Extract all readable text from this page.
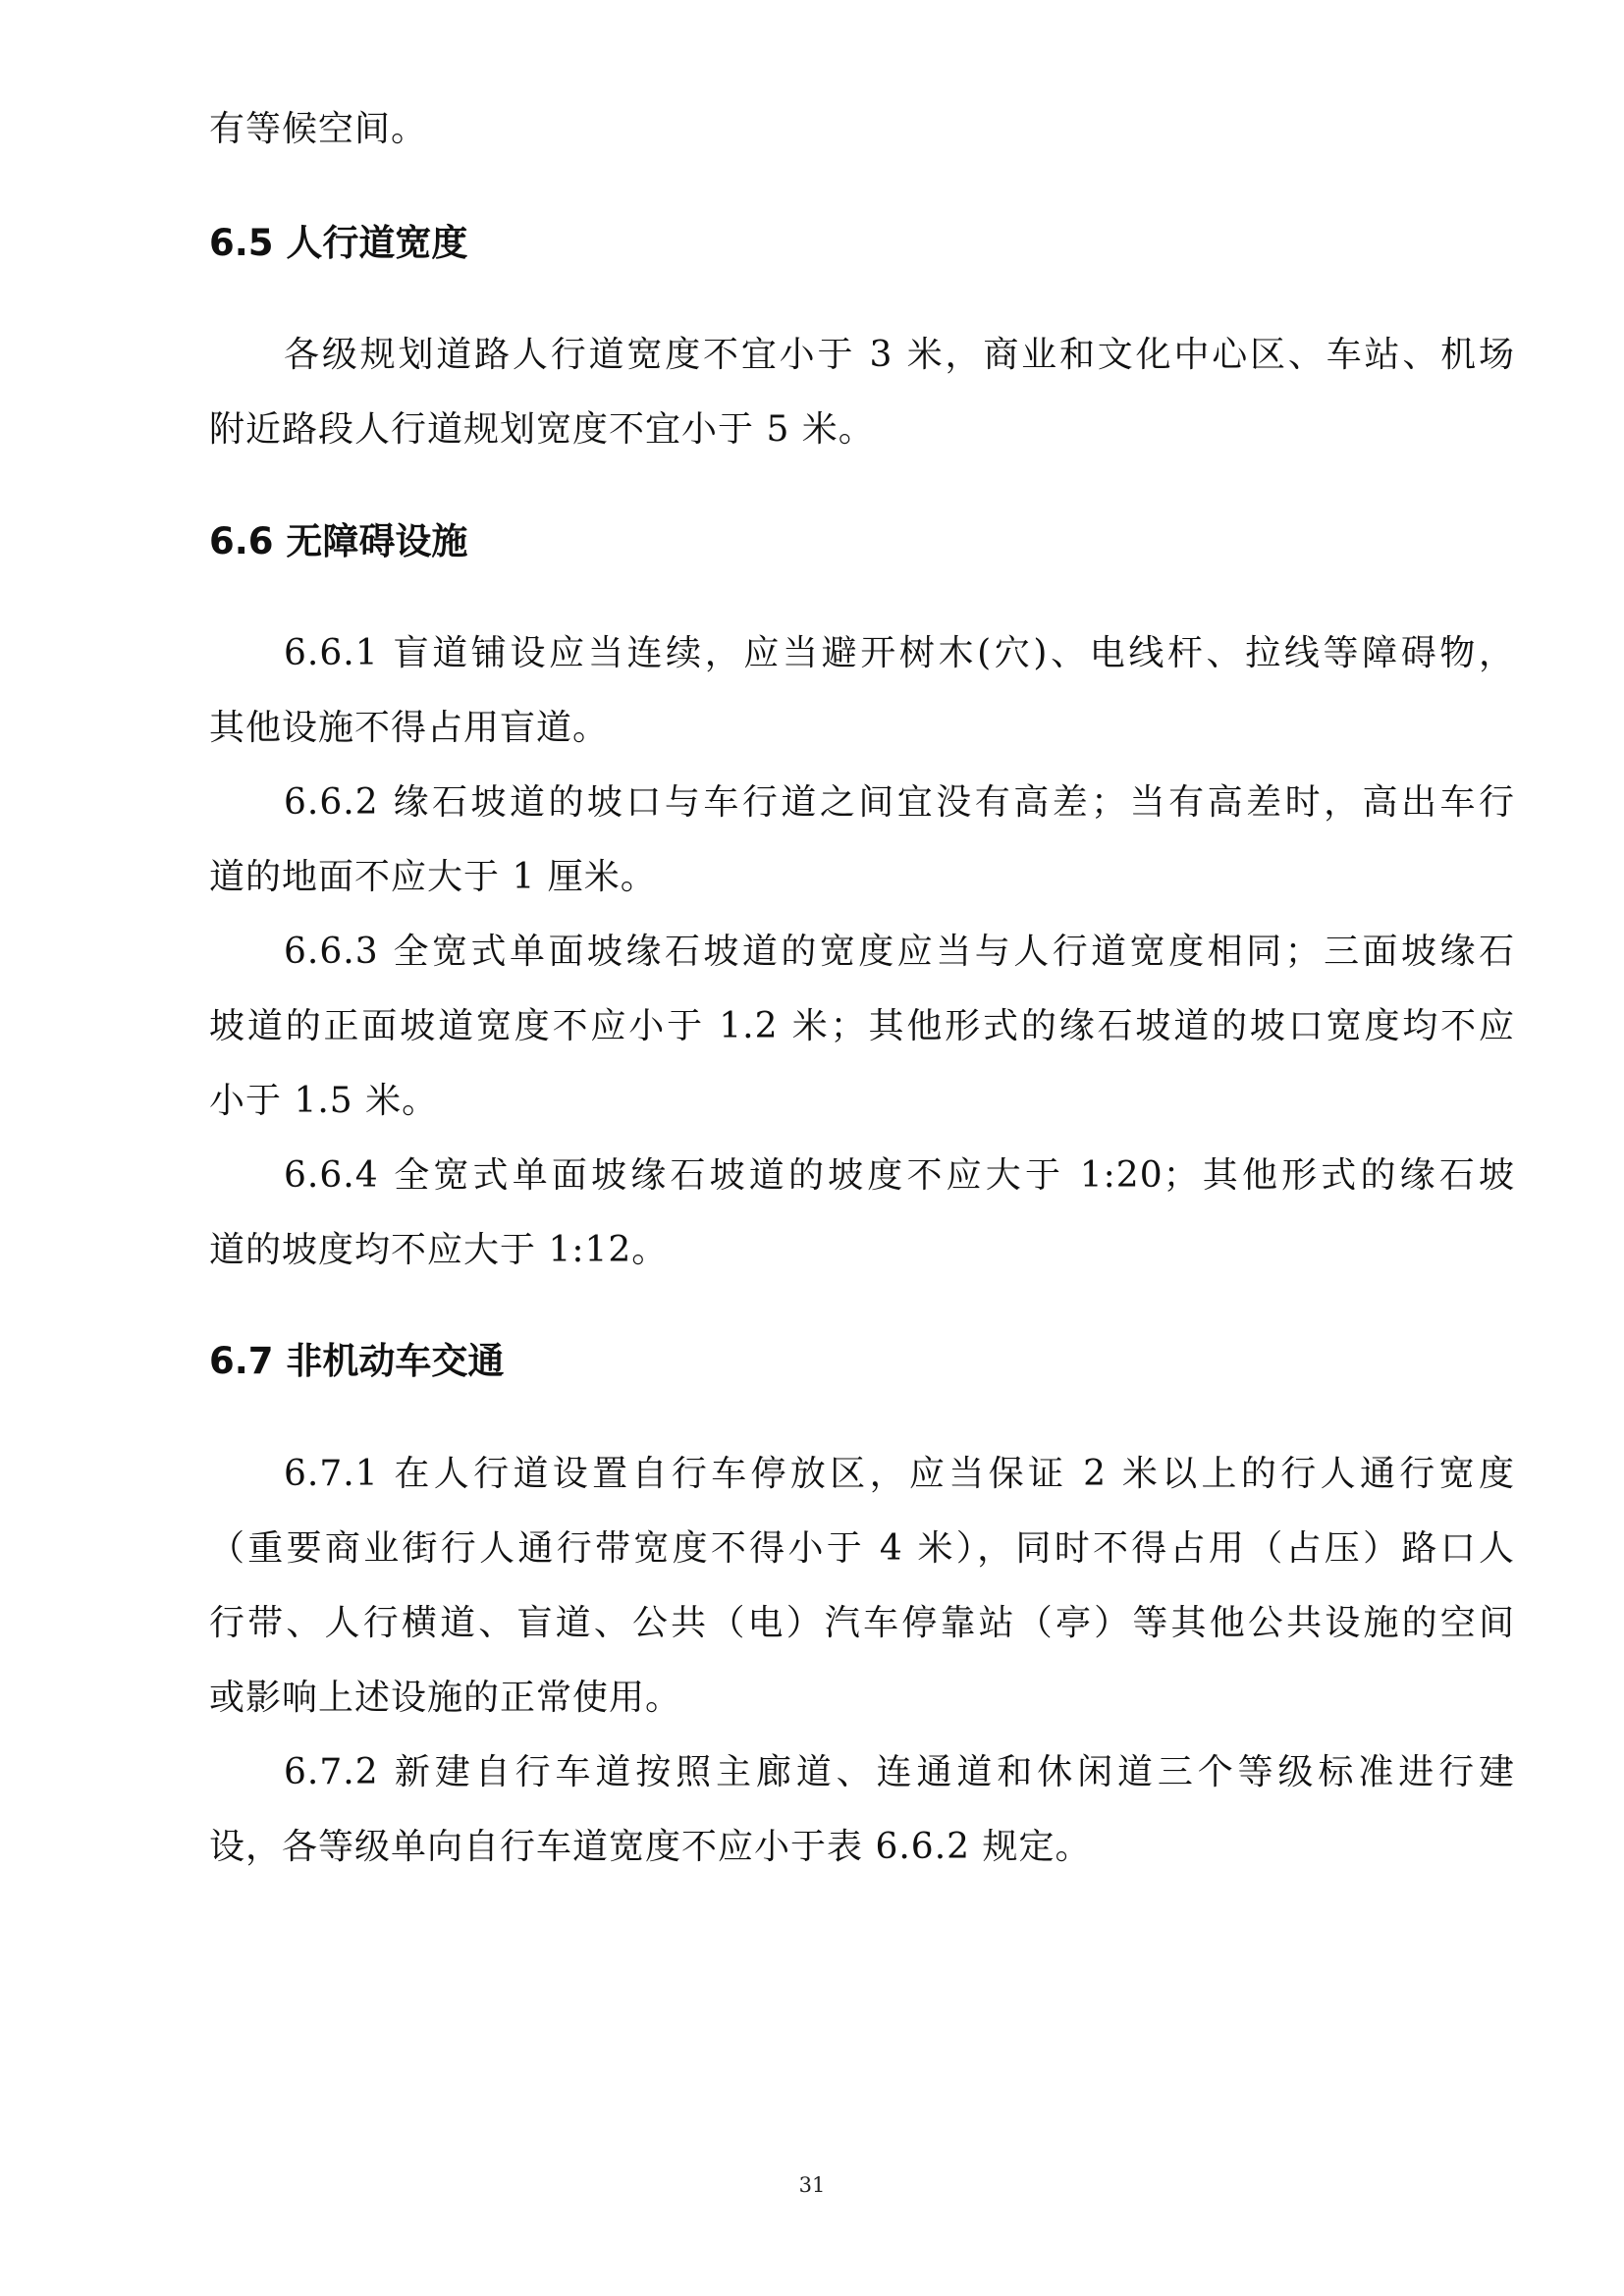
有等候空间。

6.5 人行道宽度

各级规划道路人行道宽度不宜小于 3 米，商业和文化中心区、车站、机场

附近路段人行道规划宽度不宜小于 5 米。

6.6 无障碍设施

6.6.1 盲道铺设应当连续，应当避开树木(穴)、电线杆、拉线等障碍物，

其他设施不得占用盲道。

6.6.2 缘石坡道的坡口与车行道之间宜没有高差；当有高差时，高出车行

道的地面不应大于 1 厘米。

6.6.3 全宽式单面坡缘石坡道的宽度应当与人行道宽度相同；三面坡缘石

坡道的正面坡道宽度不应小于 1.2 米；其他形式的缘石坡道的坡口宽度均不应

小于 1.5 米。

6.6.4 全宽式单面坡缘石坡道的坡度不应大于 1:20；其他形式的缘石坡

道的坡度均不应大于 1:12。

6.7 非机动车交通

6.7.1 在人行道设置自行车停放区，应当保证 2 米以上的行人通行宽度

（重要商业街行人通行带宽度不得小于 4 米），同时不得占用（占压）路口人

行带、人行横道、盲道、公共（电）汽车停靠站（亭）等其他公共设施的空间

或影响上述设施的正常使用。

6.7.2 新建自行车道按照主廊道、连通道和休闲道三个等级标准进行建

设，各等级单向自行车道宽度不应小于表 6.6.2 规定。

31
